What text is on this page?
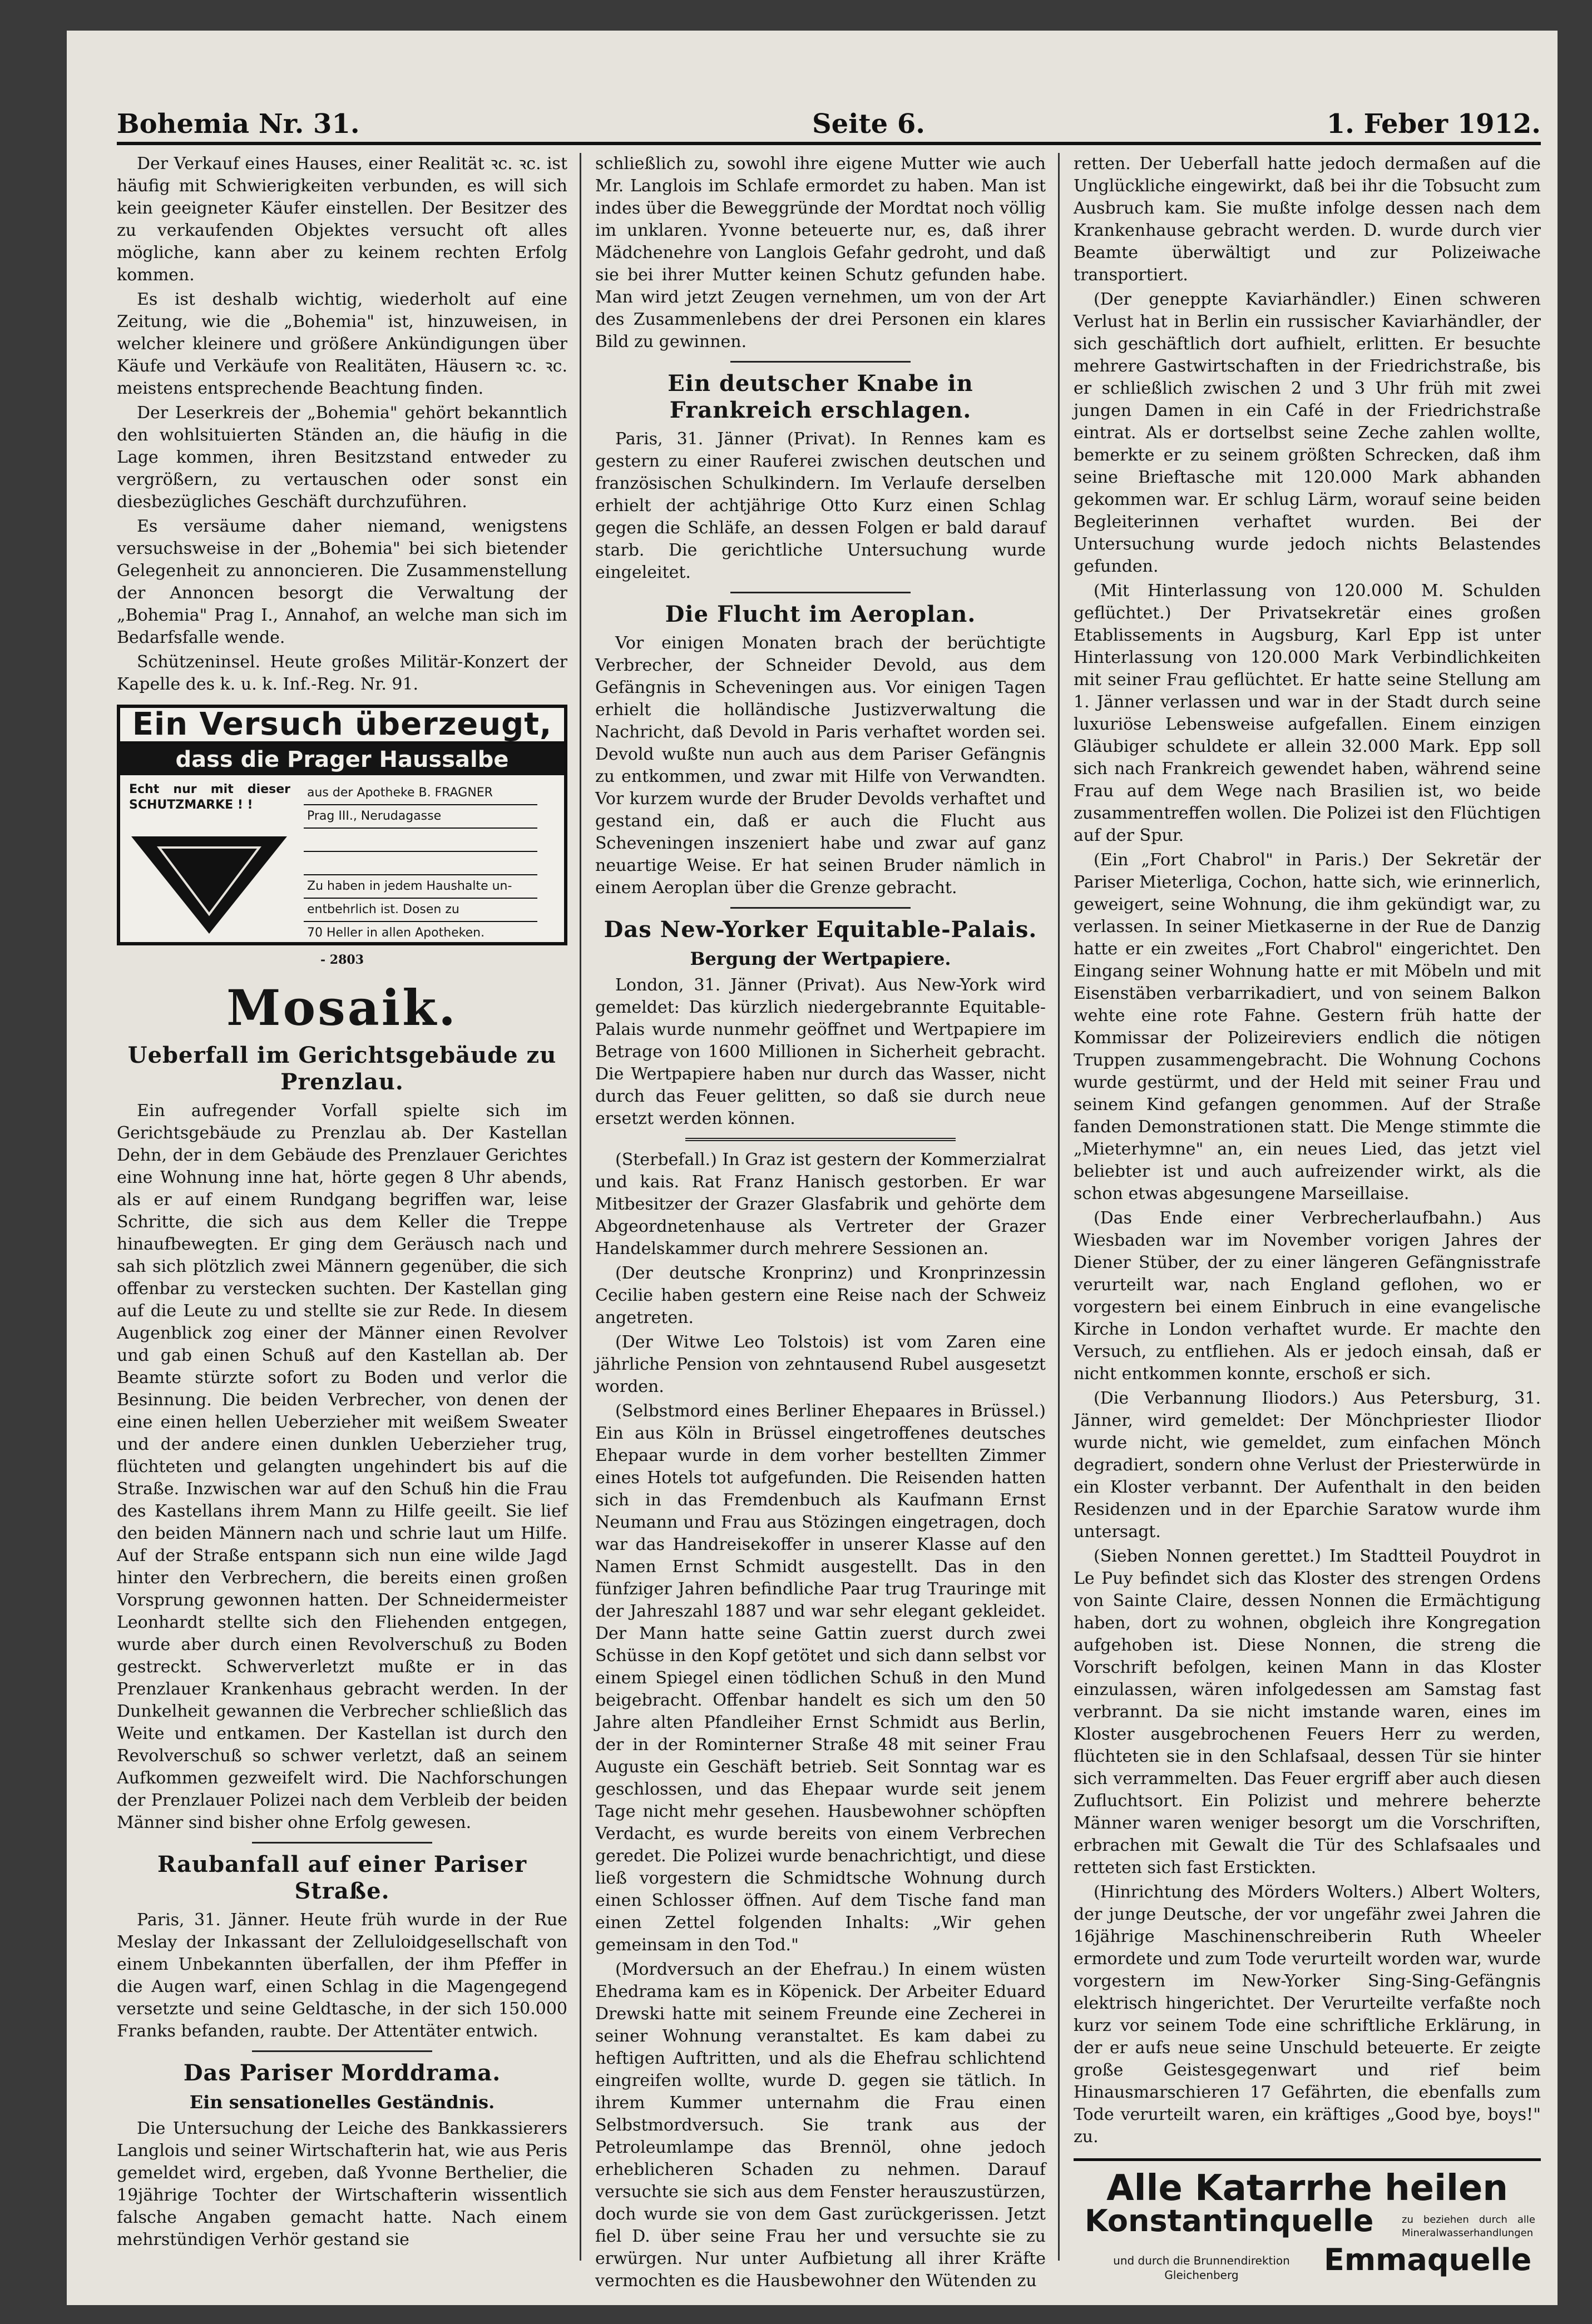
Bohemia Nr. 31.	Seite 6.	1. Feber 1912.

Der Verkauf eines Hauses, einer Realität ꝛc. ꝛc. ist häufig mit Schwierigkeiten verbunden, es will sich kein geeigneter Käufer einstellen. Der Besitzer des zu verkaufenden Objektes versucht oft alles mögliche, kann aber zu keinem rechten Erfolg kommen.

Es ist deshalb wichtig, wiederholt auf eine Zeitung, wie die „Bohemia" ist, hinzuweisen, in welcher kleinere und größere Ankündigungen über Käufe und Verkäufe von Realitäten, Häusern ꝛc. ꝛc. meistens entsprechende Beachtung finden.

Der Leserkreis der „Bohemia" gehört bekanntlich den wohlsituierten Ständen an, die häufig in die Lage kommen, ihren Besitzstand entweder zu vergrößern, zu vertauschen oder sonst ein diesbezügliches Geschäft durchzuführen.

Es versäume daher niemand, wenigstens versuchsweise in der „Bohemia" bei sich bietender Gelegenheit zu annoncieren. Die Zusammenstellung der Annoncen besorgt die Verwaltung der „Bohemia" Prag I., Annahof, an welche man sich im Bedarfsfalle wende.

Schützeninsel. Heute großes Militär-Konzert der Kapelle des k. u. k. Inf.-Reg. Nr. 91.

Ein Versuch überzeugt,
dass die Prager Haussalbe
Echt nur mit dieser SCHUTZMARKE ! !
aus der Apotheke B. FRAGNER
Prag III., Nerudagasse

Zu haben in jedem Haushalte un-
entbehrlich ist. Dosen zu
70 Heller in allen Apotheken.
- 2803
Mosaik.
Ueberfall im Gerichtsgebäude zu Prenzlau.

Ein aufregender Vorfall spielte sich im Gerichtsgebäude zu Prenzlau ab. Der Kastellan Dehn, der in dem Gebäude des Prenzlauer Gerichtes eine Wohnung inne hat, hörte gegen 8 Uhr abends, als er auf einem Rundgang begriffen war, leise Schritte, die sich aus dem Keller die Treppe hinaufbewegten. Er ging dem Geräusch nach und sah sich plötzlich zwei Männern gegenüber, die sich offenbar zu verstecken suchten. Der Kastellan ging auf die Leute zu und stellte sie zur Rede. In diesem Augenblick zog einer der Männer einen Revolver und gab einen Schuß auf den Kastellan ab. Der Beamte stürzte sofort zu Boden und verlor die Besinnung. Die beiden Verbrecher, von denen der eine einen hellen Ueberzieher mit weißem Sweater und der andere einen dunklen Ueberzieher trug, flüchteten und gelangten ungehindert bis auf die Straße. Inzwischen war auf den Schuß hin die Frau des Kastellans ihrem Mann zu Hilfe geeilt. Sie lief den beiden Männern nach und schrie laut um Hilfe. Auf der Straße entspann sich nun eine wilde Jagd hinter den Verbrechern, die bereits einen großen Vorsprung gewonnen hatten. Der Schneidermeister Leonhardt stellte sich den Fliehenden entgegen, wurde aber durch einen Revolverschuß zu Boden gestreckt. Schwerverletzt mußte er in das Prenzlauer Krankenhaus gebracht werden. In der Dunkelheit gewannen die Verbrecher schließlich das Weite und entkamen. Der Kastellan ist durch den Revolverschuß so schwer verletzt, daß an seinem Aufkommen gezweifelt wird. Die Nachforschungen der Prenzlauer Polizei nach dem Verbleib der beiden Männer sind bisher ohne Erfolg gewesen.

Raubanfall auf einer Pariser Straße.

Paris, 31. Jänner. Heute früh wurde in der Rue Meslay der Inkassant der Zelluloidgesellschaft von einem Unbekannten überfallen, der ihm Pfeffer in die Augen warf, einen Schlag in die Magengegend versetzte und seine Geldtasche, in der sich 150.000 Franks befanden, raubte. Der Attentäter entwich.

Das Pariser Morddrama.
Ein sensationelles Geständnis.

Die Untersuchung der Leiche des Bankkassierers Langlois und seiner Wirtschafterin hat, wie aus Peris gemeldet wird, ergeben, daß Yvonne Berthelier, die 19jährige Tochter der Wirtschafterin wissentlich falsche Angaben gemacht hatte. Nach einem mehrstündigen Verhör gestand sie

schließlich zu, sowohl ihre eigene Mutter wie auch Mr. Langlois im Schlafe ermordet zu haben. Man ist indes über die Beweggründe der Mordtat noch völlig im unklaren. Yvonne beteuerte nur, es, daß ihrer Mädchenehre von Langlois Gefahr gedroht, und daß sie bei ihrer Mutter keinen Schutz gefunden habe. Man wird jetzt Zeugen vernehmen, um von der Art des Zusammenlebens der drei Personen ein klares Bild zu gewinnen.

Ein deutscher Knabe in Frankreich erschlagen.

Paris, 31. Jänner (Privat). In Rennes kam es gestern zu einer Rauferei zwischen deutschen und französischen Schulkindern. Im Verlaufe derselben erhielt der achtjährige Otto Kurz einen Schlag gegen die Schläfe, an dessen Folgen er bald darauf starb. Die gerichtliche Untersuchung wurde eingeleitet.

Die Flucht im Aeroplan.

Vor einigen Monaten brach der berüchtigte Verbrecher, der Schneider Devold, aus dem Gefängnis in Scheveningen aus. Vor einigen Tagen erhielt die holländische Justizverwaltung die Nachricht, daß Devold in Paris verhaftet worden sei. Devold wußte nun auch aus dem Pariser Gefängnis zu entkommen, und zwar mit Hilfe von Verwandten. Vor kurzem wurde der Bruder Devolds verhaftet und gestand ein, daß er auch die Flucht aus Scheveningen inszeniert habe und zwar auf ganz neuartige Weise. Er hat seinen Bruder nämlich in einem Aeroplan über die Grenze gebracht.

Das New-Yorker Equitable-Palais.
Bergung der Wertpapiere.

London, 31. Jänner (Privat). Aus New-York wird gemeldet: Das kürzlich niedergebrannte Equitable-Palais wurde nunmehr geöffnet und Wertpapiere im Betrage von 1600 Millionen in Sicherheit gebracht. Die Wertpapiere haben nur durch das Wasser, nicht durch das Feuer gelitten, so daß sie durch neue ersetzt werden können.

(Sterbefall.) In Graz ist gestern der Kommerzialrat und kais. Rat Franz Hanisch gestorben. Er war Mitbesitzer der Grazer Glasfabrik und gehörte dem Abgeordnetenhause als Vertreter der Grazer Handelskammer durch mehrere Sessionen an.

(Der deutsche Kronprinz) und Kronprinzessin Cecilie haben gestern eine Reise nach der Schweiz angetreten.

(Der Witwe Leo Tolstois) ist vom Zaren eine jährliche Pension von zehntausend Rubel ausgesetzt worden.

(Selbstmord eines Berliner Ehepaares in Brüssel.) Ein aus Köln in Brüssel eingetroffenes deutsches Ehepaar wurde in dem vorher bestellten Zimmer eines Hotels tot aufgefunden. Die Reisenden hatten sich in das Fremdenbuch als Kaufmann Ernst Neumann und Frau aus Stözingen eingetragen, doch war das Handreisekoffer in unserer Klasse auf den Namen Ernst Schmidt ausgestellt. Das in den fünfziger Jahren befindliche Paar trug Trauringe mit der Jahreszahl 1887 und war sehr elegant gekleidet. Der Mann hatte seine Gattin zuerst durch zwei Schüsse in den Kopf getötet und sich dann selbst vor einem Spiegel einen tödlichen Schuß in den Mund beigebracht. Offenbar handelt es sich um den 50 Jahre alten Pfandleiher Ernst Schmidt aus Berlin, der in der Rominterner Straße 48 mit seiner Frau Auguste ein Geschäft betrieb. Seit Sonntag war es geschlossen, und das Ehepaar wurde seit jenem Tage nicht mehr gesehen. Hausbewohner schöpften Verdacht, es wurde bereits von einem Verbrechen geredet. Die Polizei wurde benachrichtigt, und diese ließ vorgestern die Schmidtsche Wohnung durch einen Schlosser öffnen. Auf dem Tische fand man einen Zettel folgenden Inhalts: „Wir gehen gemeinsam in den Tod."

(Mordversuch an der Ehefrau.) In einem wüsten Ehedrama kam es in Köpenick. Der Arbeiter Eduard Drewski hatte mit seinem Freunde eine Zecherei in seiner Wohnung veranstaltet. Es kam dabei zu heftigen Auftritten, und als die Ehefrau schlichtend eingreifen wollte, wurde D. gegen sie tätlich. In ihrem Kummer unternahm die Frau einen Selbstmordversuch. Sie trank aus der Petroleumlampe das Brennöl, ohne jedoch erheblicheren Schaden zu nehmen. Darauf versuchte sie sich aus dem Fenster herauszustürzen, doch wurde sie von dem Gast zurückgerissen. Jetzt fiel D. über seine Frau her und versuchte sie zu erwürgen. Nur unter Aufbietung all ihrer Kräfte vermochten es die Hausbewohner den Wütenden zu

retten. Der Ueberfall hatte jedoch dermaßen auf die Unglückliche eingewirkt, daß bei ihr die Tobsucht zum Ausbruch kam. Sie mußte infolge dessen nach dem Krankenhause gebracht werden. D. wurde durch vier Beamte überwältigt und zur Polizeiwache transportiert.

(Der geneppte Kaviarhändler.) Einen schweren Verlust hat in Berlin ein russischer Kaviarhändler, der sich geschäftlich dort aufhielt, erlitten. Er besuchte mehrere Gastwirtschaften in der Friedrichstraße, bis er schließlich zwischen 2 und 3 Uhr früh mit zwei jungen Damen in ein Café in der Friedrichstraße eintrat. Als er dortselbst seine Zeche zahlen wollte, bemerkte er zu seinem größten Schrecken, daß ihm seine Brieftasche mit 120.000 Mark abhanden gekommen war. Er schlug Lärm, worauf seine beiden Begleiterinnen verhaftet wurden. Bei der Untersuchung wurde jedoch nichts Belastendes gefunden.

(Mit Hinterlassung von 120.000 M. Schulden geflüchtet.) Der Privatsekretär eines großen Etablissements in Augsburg, Karl Epp ist unter Hinterlassung von 120.000 Mark Verbindlichkeiten mit seiner Frau geflüchtet. Er hatte seine Stellung am 1. Jänner verlassen und war in der Stadt durch seine luxuriöse Lebensweise aufgefallen. Einem einzigen Gläubiger schuldete er allein 32.000 Mark. Epp soll sich nach Frankreich gewendet haben, während seine Frau auf dem Wege nach Brasilien ist, wo beide zusammentreffen wollen. Die Polizei ist den Flüchtigen auf der Spur.

(Ein „Fort Chabrol" in Paris.) Der Sekretär der Pariser Mieterliga, Cochon, hatte sich, wie erinnerlich, geweigert, seine Wohnung, die ihm gekündigt war, zu verlassen. In seiner Mietkaserne in der Rue de Danzig hatte er ein zweites „Fort Chabrol" eingerichtet. Den Eingang seiner Wohnung hatte er mit Möbeln und mit Eisenstäben verbarrikadiert, und von seinem Balkon wehte eine rote Fahne. Gestern früh hatte der Kommissar der Polizeireviers endlich die nötigen Truppen zusammengebracht. Die Wohnung Cochons wurde gestürmt, und der Held mit seiner Frau und seinem Kind gefangen genommen. Auf der Straße fanden Demonstrationen statt. Die Menge stimmte die „Mieterhymne" an, ein neues Lied, das jetzt viel beliebter ist und auch aufreizender wirkt, als die schon etwas abgesungene Marseillaise.

(Das Ende einer Verbrecherlaufbahn.) Aus Wiesbaden war im November vorigen Jahres der Diener Stüber, der zu einer längeren Gefängnisstrafe verurteilt war, nach England geflohen, wo er vorgestern bei einem Einbruch in eine evangelische Kirche in London verhaftet wurde. Er machte den Versuch, zu entfliehen. Als er jedoch einsah, daß er nicht entkommen konnte, erschoß er sich.

(Die Verbannung Iliodors.) Aus Petersburg, 31. Jänner, wird gemeldet: Der Mönchpriester Iliodor wurde nicht, wie gemeldet, zum einfachen Mönch degradiert, sondern ohne Verlust der Priesterwürde in ein Kloster verbannt. Der Aufenthalt in den beiden Residenzen und in der Eparchie Saratow wurde ihm untersagt.

(Sieben Nonnen gerettet.) Im Stadtteil Pouydrot in Le Puy befindet sich das Kloster des strengen Ordens von Sainte Claire, dessen Nonnen die Ermächtigung haben, dort zu wohnen, obgleich ihre Kongregation aufgehoben ist. Diese Nonnen, die streng die Vorschrift befolgen, keinen Mann in das Kloster einzulassen, wären infolgedessen am Samstag fast verbrannt. Da sie nicht imstande waren, eines im Kloster ausgebrochenen Feuers Herr zu werden, flüchteten sie in den Schlafsaal, dessen Tür sie hinter sich verrammelten. Das Feuer ergriff aber auch diesen Zufluchtsort. Ein Polizist und mehrere beherzte Männer waren weniger besorgt um die Vorschriften, erbrachen mit Gewalt die Tür des Schlafsaales und retteten sich fast Erstickten.

(Hinrichtung des Mörders Wolters.) Albert Wolters, der junge Deutsche, der vor ungefähr zwei Jahren die 16jährige Maschinenschreiberin Ruth Wheeler ermordete und zum Tode verurteilt worden war, wurde vorgestern im New-Yorker Sing-Sing-Gefängnis elektrisch hingerichtet. Der Verurteilte verfaßte noch kurz vor seinem Tode eine schriftliche Erklärung, in der er aufs neue seine Unschuld beteuerte. Er zeigte große Geistesgegenwart und rief beim Hinausmarschieren 17 Gefährten, die ebenfalls zum Tode verurteilt waren, ein kräftiges „Good bye, boys!" zu.

Alle Katarrhe heilen
Konstantinquelle	zu beziehen durch alle Mineralwasserhandlungen
und durch die Brunnendirektion Gleichenberg	Emmaquelle
